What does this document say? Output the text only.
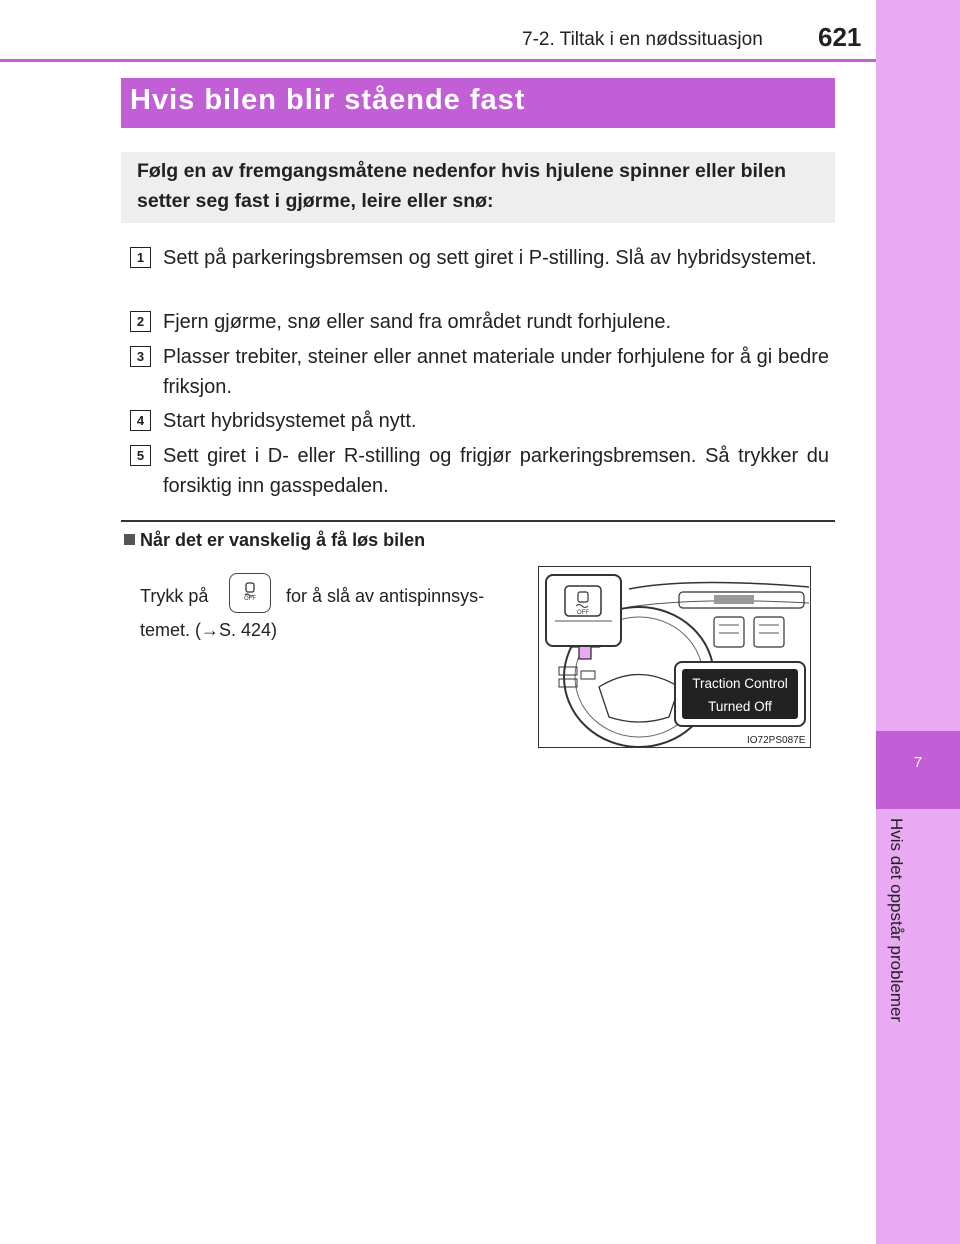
7
Hvis det oppstår problemer
7-2. Tiltak i en nødssituasjon 621
Hvis bilen blir stående fast
Følg en av fremgangsmåtene nedenfor hvis hjulene spinner eller bilen setter seg fast i gjørme, leire eller snø:
1 Sett på parkeringsbremsen og sett giret i P-stilling. Slå av hybridsystemet.
2 Fjern gjørme, snø eller sand fra området rundt forhjulene.
3 Plasser trebiter, steiner eller annet materiale under forhjulene for å gi bedre friksjon.
4 Start hybridsystemet på nytt.
5 Sett giret i D- eller R-stilling og frigjør parkeringsbremsen. Så trykker du forsiktig inn gasspedalen.
Når det er vanskelig å få løs bilen
Trykk på	OFF	for å slå av antispinnsys-
temet. (→S. 424)
OFF
Traction Control
Turned Off
IO72PS087E
